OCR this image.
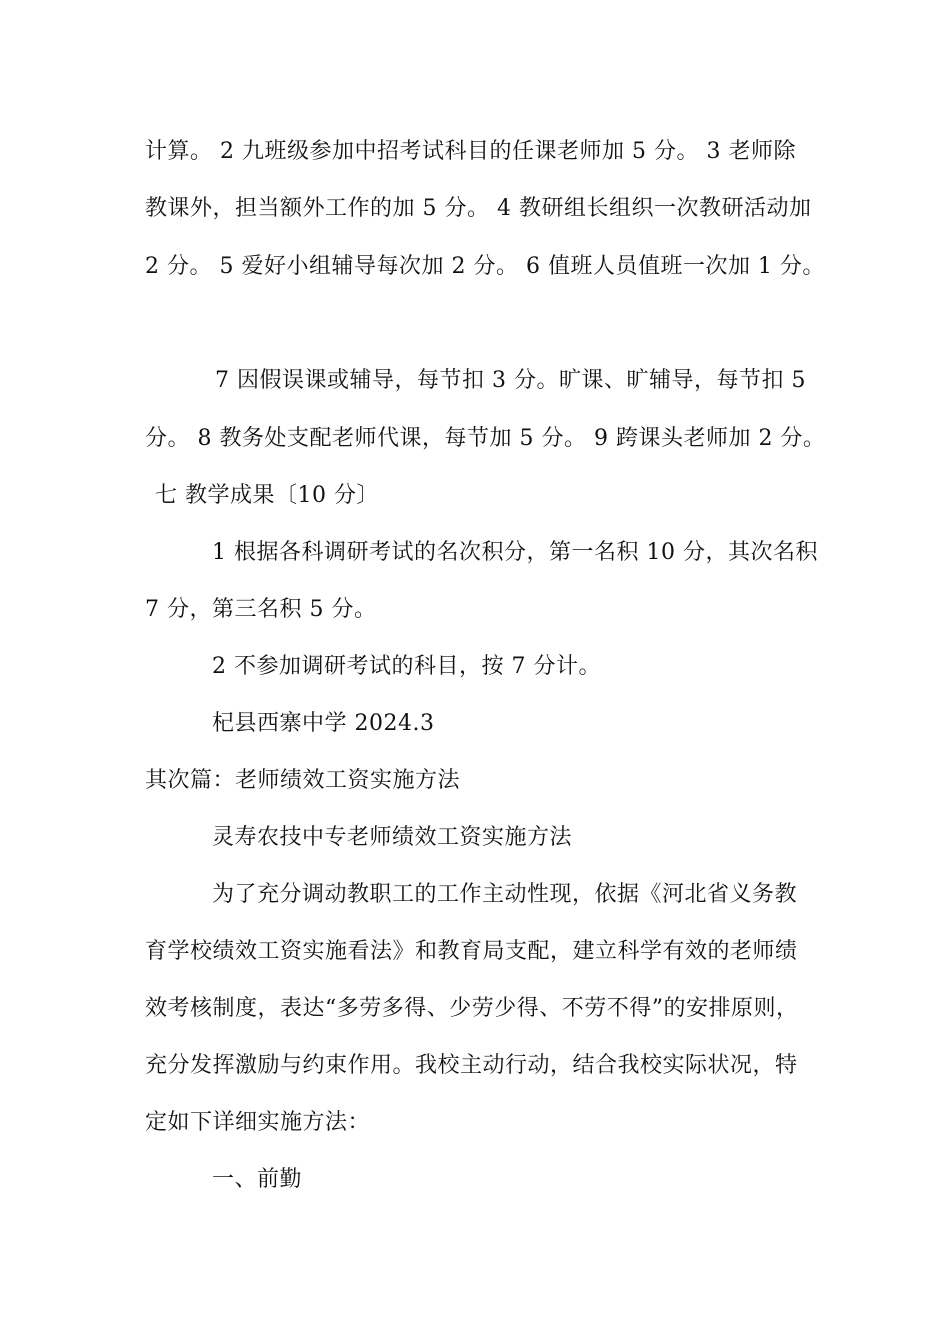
计算。 2 九班级参加中招考试科目的任课老师加 5 分。 3 老师除
教课外，担当额外工作的加 5 分。 4 教研组长组织一次教研活动加
2 分。 5 爱好小组辅导每次加 2 分。 6 值班人员值班一次加 1 分。
7 因假误课或辅导，每节扣 3 分。旷课、旷辅导，每节扣 5
分。 8 教务处支配老师代课，每节加 5 分。 9 跨课头老师加 2 分。
七 教学成果〔10 分〕
1 根据各科调研考试的名次积分，第一名积 10 分，其次名积
7 分，第三名积 5 分。
2 不参加调研考试的科目，按 7 分计。
杞县西寨中学 2024.3
其次篇：老师绩效工资实施方法
灵寿农技中专老师绩效工资实施方法
为了充分调动教职工的工作主动性现，依据《河北省义务教
育学校绩效工资实施看法》和教育局支配，建立科学有效的老师绩
效考核制度，表达“多劳多得、少劳少得、不劳不得”的安排原则，
充分发挥激励与约束作用。我校主动行动，结合我校实际状况，特
定如下详细实施方法：
一、前勤
